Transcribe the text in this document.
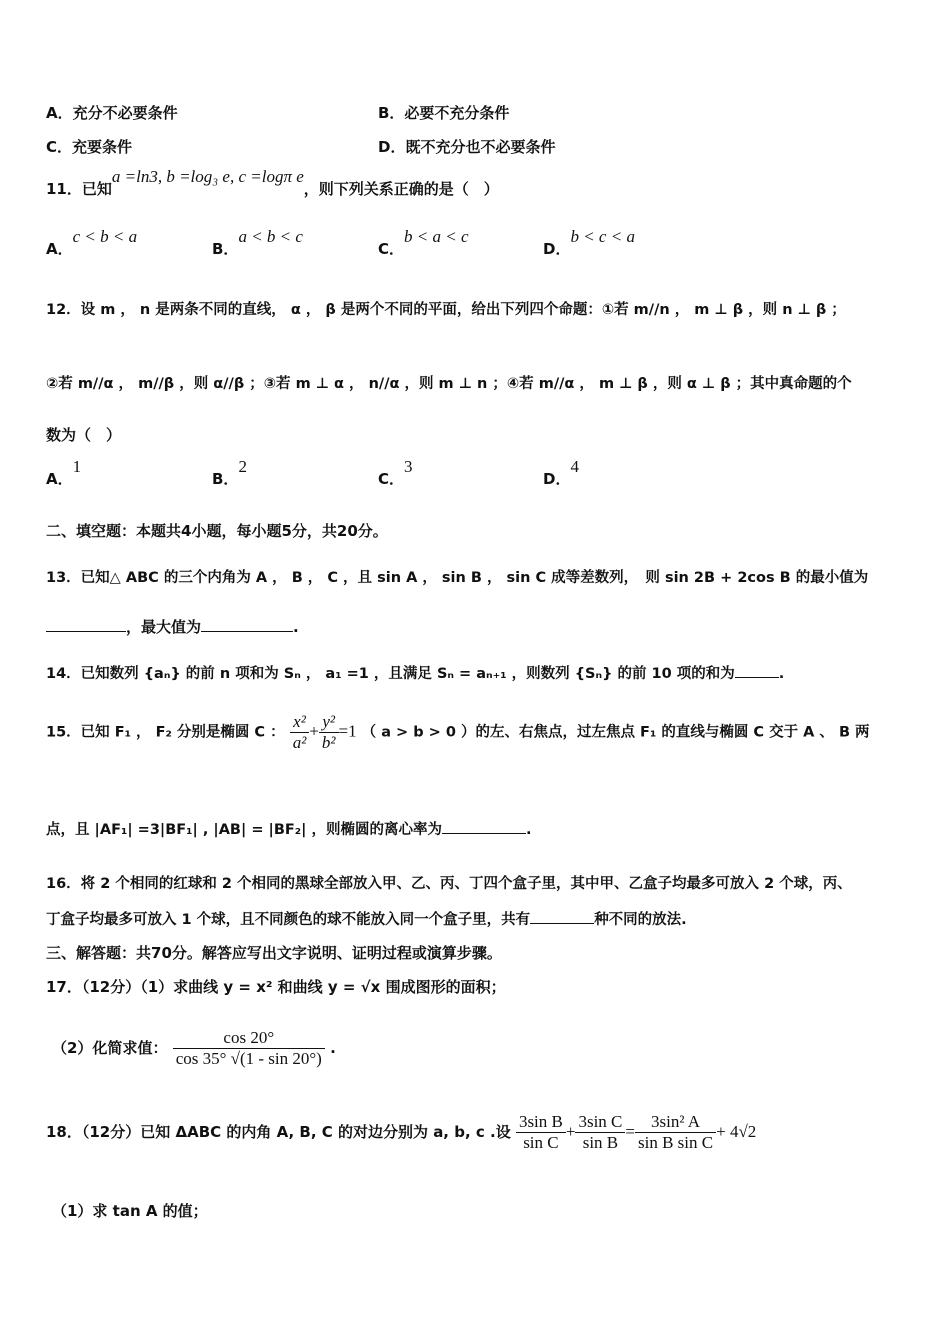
A．充分不必要条件	B．必要不充分条件
C．充要条件	D．既不充分也不必要条件
11．已知a =ln3, b =log₃ e, c =logπ e，则下列关系正确的是（　）
A．c < b < a
B．a < b < c
C．b < a < c
D．b < c < a
12．设 m ， n 是两条不同的直线， α ， β 是两个不同的平面，给出下列四个命题：①若 m//n ， m ⊥ β ，则 n ⊥ β ；
②若 m//α ， m//β ，则 α//β ；③若 m ⊥ α ， n//α ，则 m ⊥ n ；④若 m//α ， m ⊥ β ，则 α ⊥ β ；其中真命题的个
数为（　）
A．1
B．2
C．3
D．4
二、填空题：本题共4小题，每小题5分，共20分。
13．已知△ ABC 的三个内角为 A ， B ， C ，且 sin A ， sin B ， sin C 成等差数列，　则 sin 2B + 2cos B 的最小值为
，最大值为	.
14．已知数列 {aₙ} 的前 n 项和为 Sₙ ， a₁ =1 ，且满足 Sₙ = aₙ₊₁ ，则数列 {Sₙ} 的前 10 项的和为	.
15．已知 F₁ ， F₂ 分别是椭圆 C ： $\frac{\text{x²}}{\text{a²}} + \frac{\text{y²}}{\text{b²}} =1$ （ a > b > 0 ）的左、右焦点，过左焦点 F₁ 的直线与椭圆 C 交于 A 、 B 两
点，且 |AF₁| =3|BF₁| , |AB| = |BF₂| ，则椭圆的离心率为	.
16．将 2 个相同的红球和 2 个相同的黑球全部放入甲、乙、丙、丁四个盒子里，其中甲、乙盒子均最多可放入 2 个球，丙、
丁盒子均最多可放入 1 个球，且不同颜色的球不能放入同一个盒子里，共有	种不同的放法.
三、解答题：共70分。解答应写出文字说明、证明过程或演算步骤。
17．（12分）（1）求曲线 y = x² 和曲线 y = √x 围成图形的面积；
（2）化简求值： $\frac{\cos 20^\circ}{\cos 35^\circ √(1 - \sin 20^\circ)}$ .
18．（12分）已知 ΔABC 的内角 A, B, C 的对边分别为 a, b, c .设 $\frac{\text{3sin B}}{\text{sin C}} + \frac{\text{3sin C}}{\text{sin B}} = \frac{\text{3sin² A}}{\text{sin B sin C}} + 4√2$
（1）求 tan A 的值；
